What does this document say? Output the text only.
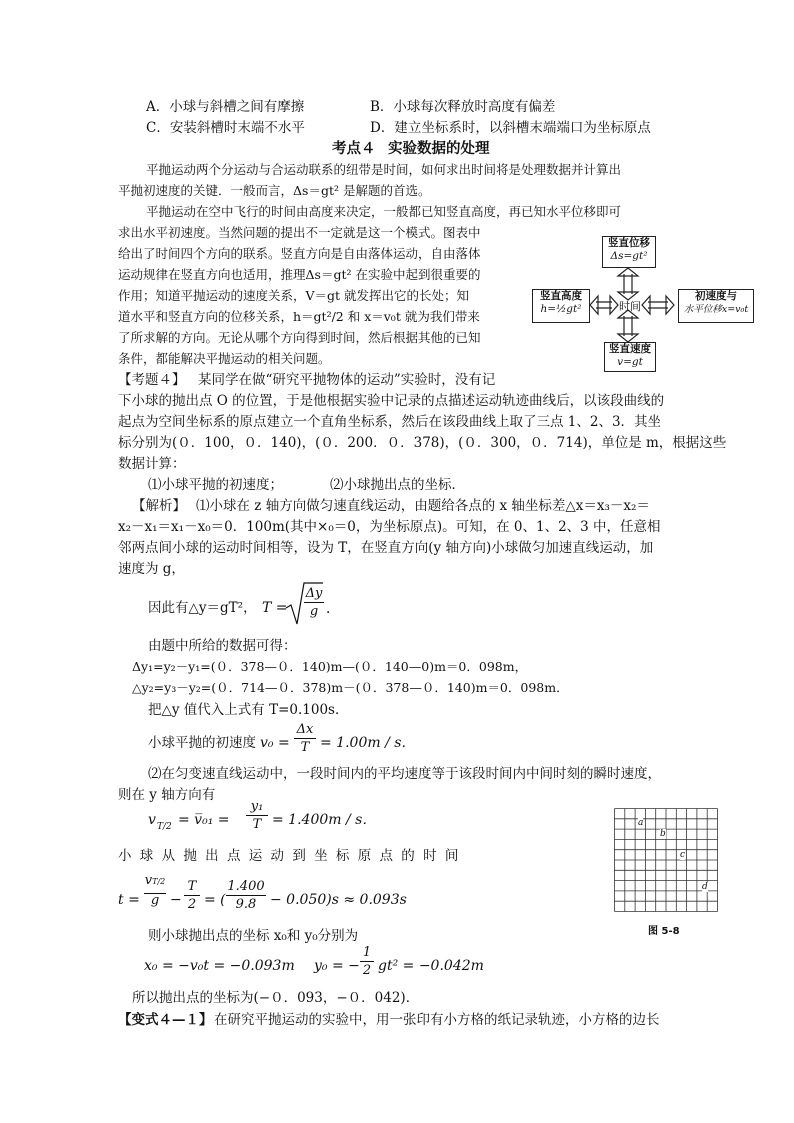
A．小球与斜槽之间有摩擦	B．小球每次释放时高度有偏差
C．安装斜槽时末端不水平	D．建立坐标系时，以斜槽末端端口为坐标原点
考点４ 实验数据的处理
平抛运动两个分运动与合运动联系的纽带是时间，如何求出时间将是处理数据并计算出
平抛初速度的关键．一般而言，Δs＝gt² 是解题的首选。
平抛运动在空中飞行的时间由高度来决定，一般都已知竖直高度，再已知水平位移即可
求出水平初速度。当然问题的提出不一定就是这一个模式。图表中
给出了时间四个方向的联系。竖直方向是自由落体运动，自由落体
运动规律在竖直方向也适用，推理Δs＝gt² 在实验中起到很重要的
作用；知道平抛运动的速度关系，V＝gt 就发挥出它的长处；知
道水平和竖直方向的位移关系，h＝gt²/2 和 x＝v₀t 就为我们带来
了所求解的方向。无论从哪个方向得到时间，然后根据其他的已知
条件，都能解决平抛运动的相关问题。
竖直位移
Δs=gt²
竖直高度
h=½gt²	时间
初速度与
水平位移x=v₀t
竖直速度
v=gt
【考题４】 某同学在做“研究平抛物体的运动”实验时，没有记
下小球的抛出点 O 的位置，于是他根据实验中记录的点描述运动轨迹曲线后，以该段曲线的
起点为空间坐标系的原点建立一个直角坐标系，然后在该段曲线上取了三点 1、2、3．其坐
标分别为(０．100，０．140)，(０．200．０．378)，(０．300，０．714)，单位是 m，根据这些
数据计算：
⑴小球平抛的初速度；	⑵小球抛出点的坐标．
【解析】 ⑴小球在 z 轴方向做匀速直线运动，由题给各点的 x 轴坐标差△x＝x₃－x₂＝
x₂－x₁＝x₁－x₀＝0．100m(其中×₀＝0，为坐标原点)。可知，在 0、1、2、3 中，任意相
邻两点间小球的运动时间相等，设为 T，在竖直方向(y 轴方向)小球做匀加速直线运动，加
速度为 g，
因此有△y＝gT²， T =
Δy
g ．
由题中所给的数据可得：
Δy₁=y₂－y₁=(０．378—０．140)m—(０．140—0)m＝0．098m，
△y₂=y₃－y₂=(０．714—０．378)m－(０．378—０．140)m＝0．098m．
把△y 值代入上式有 T=0.100s．
小球平抛的初速度 v₀ =
Δx
T = 1.00m / s．
⑵在匀变速直线运动中，一段时间内的平均速度等于该段时间内中间时刻的瞬时速度，
则在 y 轴方向有
v T/2 = v̅₀₁ =
y₁
T = 1.400m / s．
小 球 从 抛 出 点 运 动 到 坐 标 原 点 的 时 间
t =
vT/2
g −
T
2 = (
1.400
9.8 − 0.050)s ≈ 0.093s
则小球抛出点的坐标 x₀和 y₀分别为
x₀ = −v₀t = −0.093m y₀ = −
1
2 gt² = −0.042m
所以抛出点的坐标为(−０．093，−０．042)．
【变式４—１】 在研究平抛运动的实验中，用一张印有小方格的纸记录轨迹，小方格的边长
a
b
c
d
图 5-8
